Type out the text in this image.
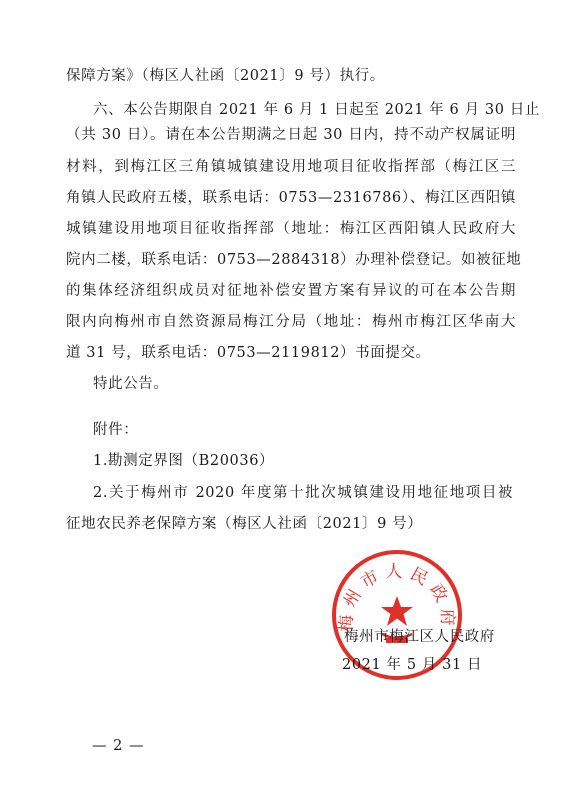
保障方案》（梅区人社函〔2021〕9 号）执行。
六、本公告期限自 2021 年 6 月 1 日起至 2021 年 6 月 30 日止
（共 30 日）。请在本公告期满之日起 30 日内，持不动产权属证明
材料，到梅江区三角镇城镇建设用地项目征收指挥部（梅江区三
角镇人民政府五楼，联系电话：0753—2316786）、梅江区西阳镇
城镇建设用地项目征收指挥部（地址：梅江区西阳镇人民政府大
院内二楼，联系电话：0753—2884318）办理补偿登记。如被征地
的集体经济组织成员对征地补偿安置方案有异议的可在本公告期
限内向梅州市自然资源局梅江分局（地址：梅州市梅江区华南大
道 31 号，联系电话：0753—2119812）书面提交。
特此公告。
附件：
1.勘测定界图（B20036）
2.关于梅州市 2020 年度第十批次城镇建设用地征地项目被
征地农民养老保障方案（梅区人社函〔2021〕9 号）
梅州市人民政府
梅州市梅江区人民政府
2021 年 5 月 31 日
— 2 —
